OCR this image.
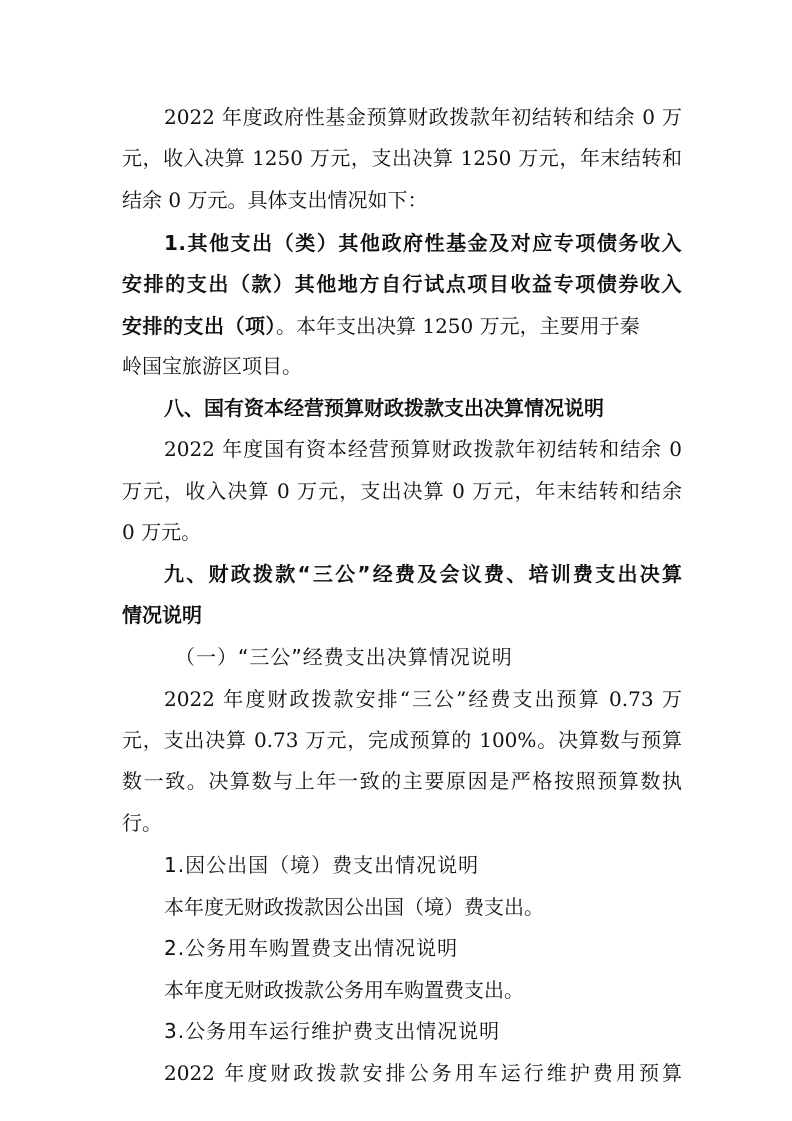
2022 年度政府性基金预算财政拨款年初结转和结余 0 万
元，收入决算 1250 万元，支出决算 1250 万元，年末结转和
结余 0 万元。具体支出情况如下：
1.其他支出（类）其他政府性基金及对应专项债务收入
安排的支出（款）其他地方自行试点项目收益专项债券收入
安排的支出（项）。本年支出决算 1250 万元，主要用于秦
岭国宝旅游区项目。
八、国有资本经营预算财政拨款支出决算情况说明
2022 年度国有资本经营预算财政拨款年初结转和结余 0
万元，收入决算 0 万元，支出决算 0 万元，年末结转和结余
0 万元。
九、财政拨款“三公”经费及会议费、培训费支出决算
情况说明
（一）“三公”经费支出决算情况说明
2022 年度财政拨款安排“三公”经费支出预算 0.73 万
元，支出决算 0.73 万元，完成预算的 100%。决算数与预算
数一致。决算数与上年一致的主要原因是严格按照预算数执
行。
1.因公出国（境）费支出情况说明
本年度无财政拨款因公出国（境）费支出。
2.公务用车购置费支出情况说明
本年度无财政拨款公务用车购置费支出。
3.公务用车运行维护费支出情况说明
2022 年度财政拨款安排公务用车运行维护费用预算
